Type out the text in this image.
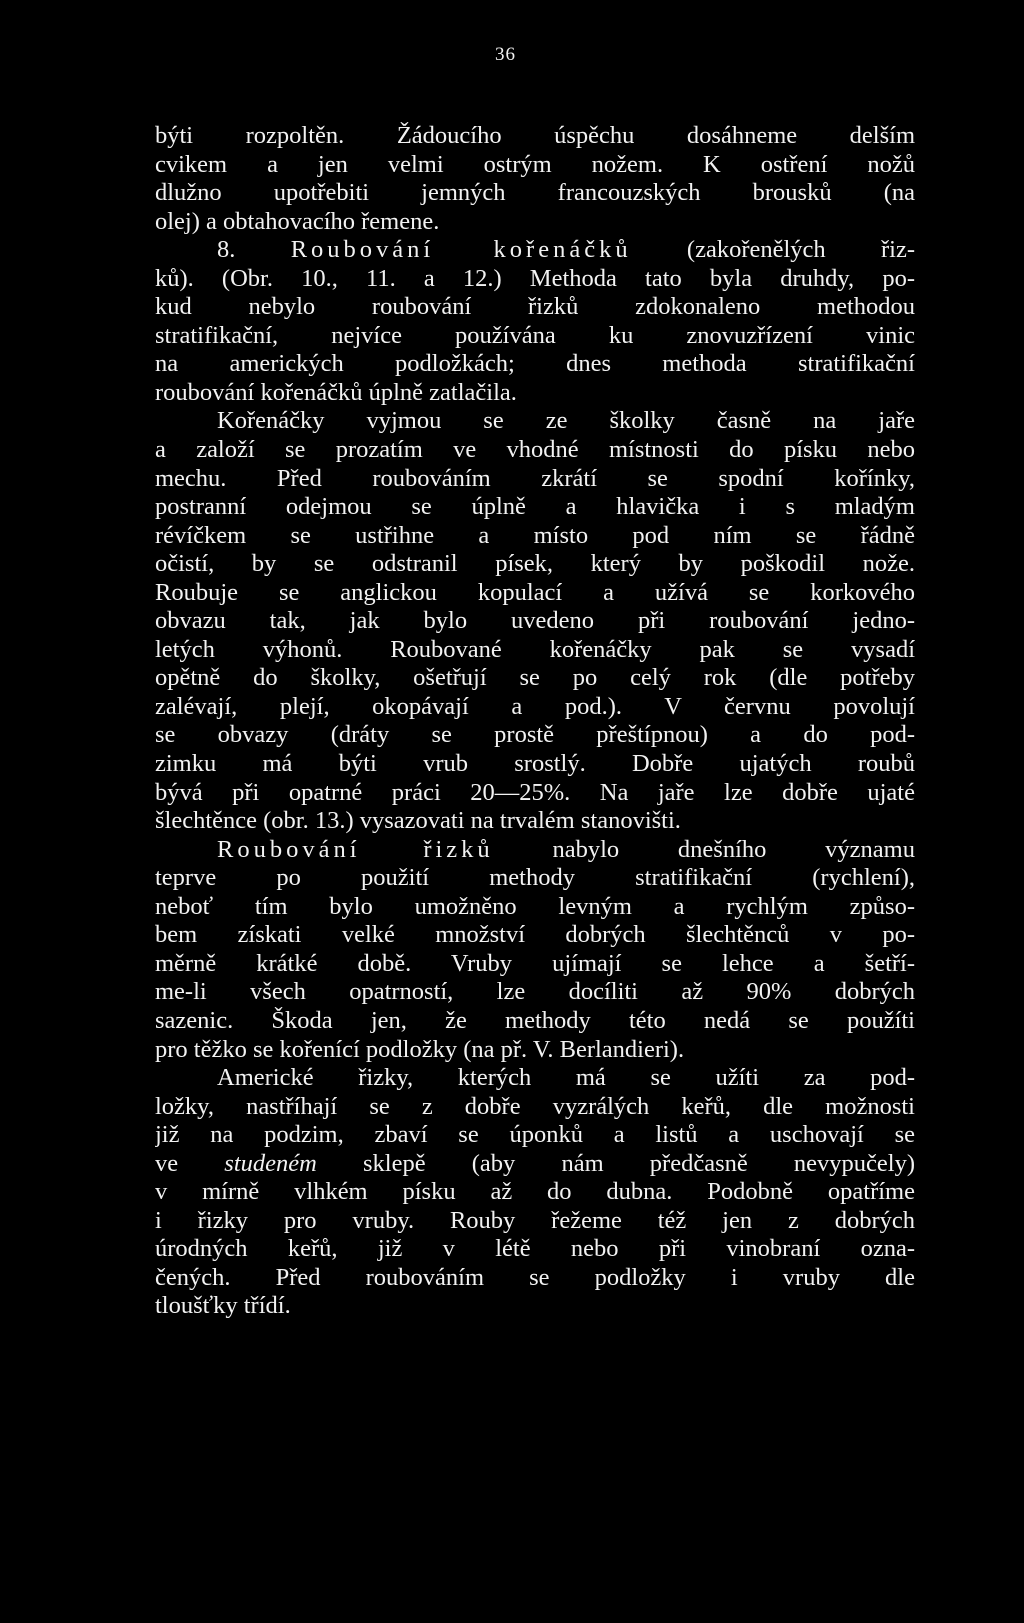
36
býti rozpoltěn. Žádoucího úspěchu dosáhneme delším
cvikem a jen velmi ostrým nožem. K ostření nožů
dlužno upotřebiti jemných francouzských brousků (na
olej) a obtahovacího řemene.
8. Roubování kořenáčků (zakořenělých řiz-
ků). (Obr. 10., 11. a 12.) Methoda tato byla druhdy, po-
kud nebylo roubování řizků zdokonaleno methodou
stratifikační, nejvíce používána ku znovuzřízení vinic
na amerických podložkách; dnes methoda stratifikační
roubování kořenáčků úplně zatlačila.
Kořenáčky vyjmou se ze školky časně na jaře
a založí se prozatím ve vhodné místnosti do písku nebo
mechu. Před roubováním zkrátí se spodní kořínky,
postranní odejmou se úplně a hlavička i s mladým
révíčkem se ustřihne a místo pod ním se řádně
očistí, by se odstranil písek, který by poškodil nože.
Roubuje se anglickou kopulací a užívá se korkového
obvazu tak, jak bylo uvedeno při roubování jedno-
letých výhonů. Roubované kořenáčky pak se vysadí
opětně do školky, ošetřují se po celý rok (dle potřeby
zalévají, plejí, okopávají a pod.). V červnu povolují
se obvazy (dráty se prostě přeštípnou) a do pod-
zimku má býti vrub srostlý. Dobře ujatých roubů
bývá při opatrné práci 20—25%. Na jaře lze dobře ujaté
šlechtěnce (obr. 13.) vysazovati na trvalém stanovišti.
Roubování řizků nabylo dnešního významu
teprve po použití methody stratifikační (rychlení),
neboť tím bylo umožněno levným a rychlým způso-
bem získati velké množství dobrých šlechtěnců v po-
měrně krátké době. Vruby ujímají se lehce a šetří-
me-li všech opatrností, lze docíliti až 90% dobrých
sazenic. Škoda jen, že methody této nedá se použíti
pro těžko se kořenící podložky (na př. V. Berlandieri).
Americké řizky, kterých má se užíti za pod-
ložky, nastříhají se z dobře vyzrálých keřů, dle možnosti
již na podzim, zbaví se úponků a listů a uschovají se
ve studeném sklepě (aby nám předčasně nevypučely)
v mírně vlhkém písku až do dubna. Podobně opatříme
i řizky pro vruby. Rouby řežeme též jen z dobrých
úrodných keřů, již v létě nebo při vinobraní ozna-
čených. Před roubováním se podložky i vruby dle
tloušťky třídí.
